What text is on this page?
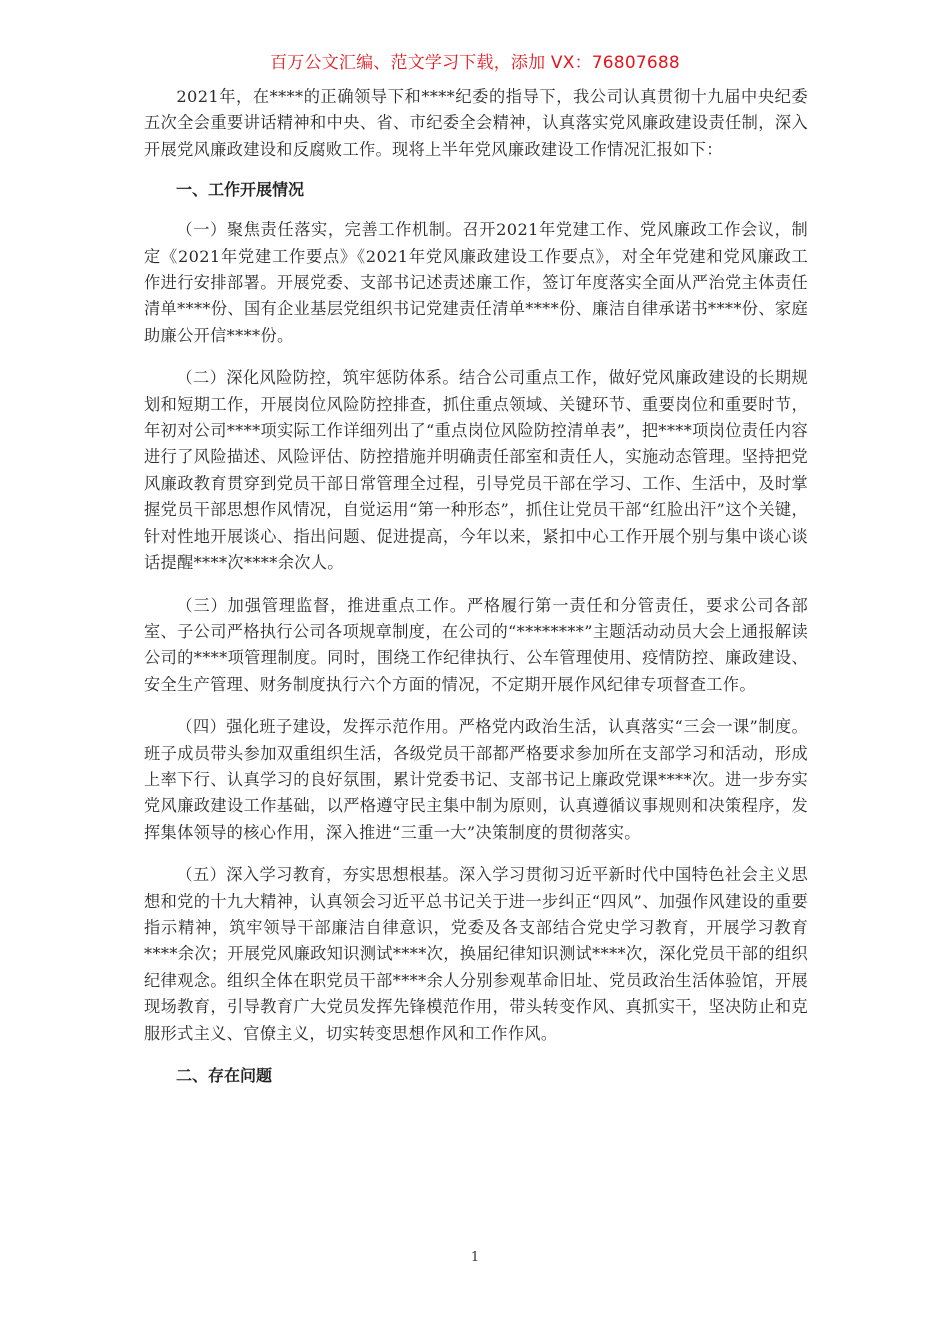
百万公文汇编、范文学习下载，添加 VX：76807688

2021年，在****的正确领导下和****纪委的指导下，我公司认真贯彻十九届中央纪委五次全会重要讲话精神和中央、省、市纪委全会精神，认真落实党风廉政建设责任制，深入开展党风廉政建设和反腐败工作。现将上半年党风廉政建设工作情况汇报如下：

一、工作开展情况

（一）聚焦责任落实，完善工作机制。召开2021年党建工作、党风廉政工作会议，制定《2021年党建工作要点》《2021年党风廉政建设工作要点》，对全年党建和党风廉政工作进行安排部署。开展党委、支部书记述责述廉工作，签订年度落实全面从严治党主体责任清单****份、国有企业基层党组织书记党建责任清单****份、廉洁自律承诺书****份、家庭助廉公开信****份。

（二）深化风险防控，筑牢惩防体系。结合公司重点工作，做好党风廉政建设的长期规划和短期工作，开展岗位风险防控排查，抓住重点领域、关键环节、重要岗位和重要时节，年初对公司****项实际工作详细列出了“重点岗位风险防控清单表”，把****项岗位责任内容进行了风险描述、风险评估、防控措施并明确责任部室和责任人，实施动态管理。坚持把党风廉政教育贯穿到党员干部日常管理全过程，引导党员干部在学习、工作、生活中，及时掌握党员干部思想作风情况，自觉运用“第一种形态”，抓住让党员干部“红脸出汗”这个关键，针对性地开展谈心、指出问题、促进提高，今年以来，紧扣中心工作开展个别与集中谈心谈话提醒****次****余次人。

（三）加强管理监督，推进重点工作。严格履行第一责任和分管责任，要求公司各部室、子公司严格执行公司各项规章制度，在公司的“********”主题活动动员大会上通报解读公司的****项管理制度。同时，围绕工作纪律执行、公车管理使用、疫情防控、廉政建设、安全生产管理、财务制度执行六个方面的情况，不定期开展作风纪律专项督查工作。

（四）强化班子建设，发挥示范作用。严格党内政治生活，认真落实“三会一课”制度。班子成员带头参加双重组织生活，各级党员干部都严格要求参加所在支部学习和活动，形成上率下行、认真学习的良好氛围，累计党委书记、支部书记上廉政党课****次。进一步夯实党风廉政建设工作基础，以严格遵守民主集中制为原则，认真遵循议事规则和决策程序，发挥集体领导的核心作用，深入推进“三重一大”决策制度的贯彻落实。

（五）深入学习教育，夯实思想根基。深入学习贯彻习近平新时代中国特色社会主义思想和党的十九大精神，认真领会习近平总书记关于进一步纠正“四风”、加强作风建设的重要指示精神，筑牢领导干部廉洁自律意识，党委及各支部结合党史学习教育，开展学习教育****余次；开展党风廉政知识测试****次，换届纪律知识测试****次，深化党员干部的组织纪律观念。组织全体在职党员干部****余人分别参观革命旧址、党员政治生活体验馆，开展现场教育，引导教育广大党员发挥先锋模范作用，带头转变作风、真抓实干，坚决防止和克服形式主义、官僚主义，切实转变思想作风和工作作风。

二、存在问题

1
